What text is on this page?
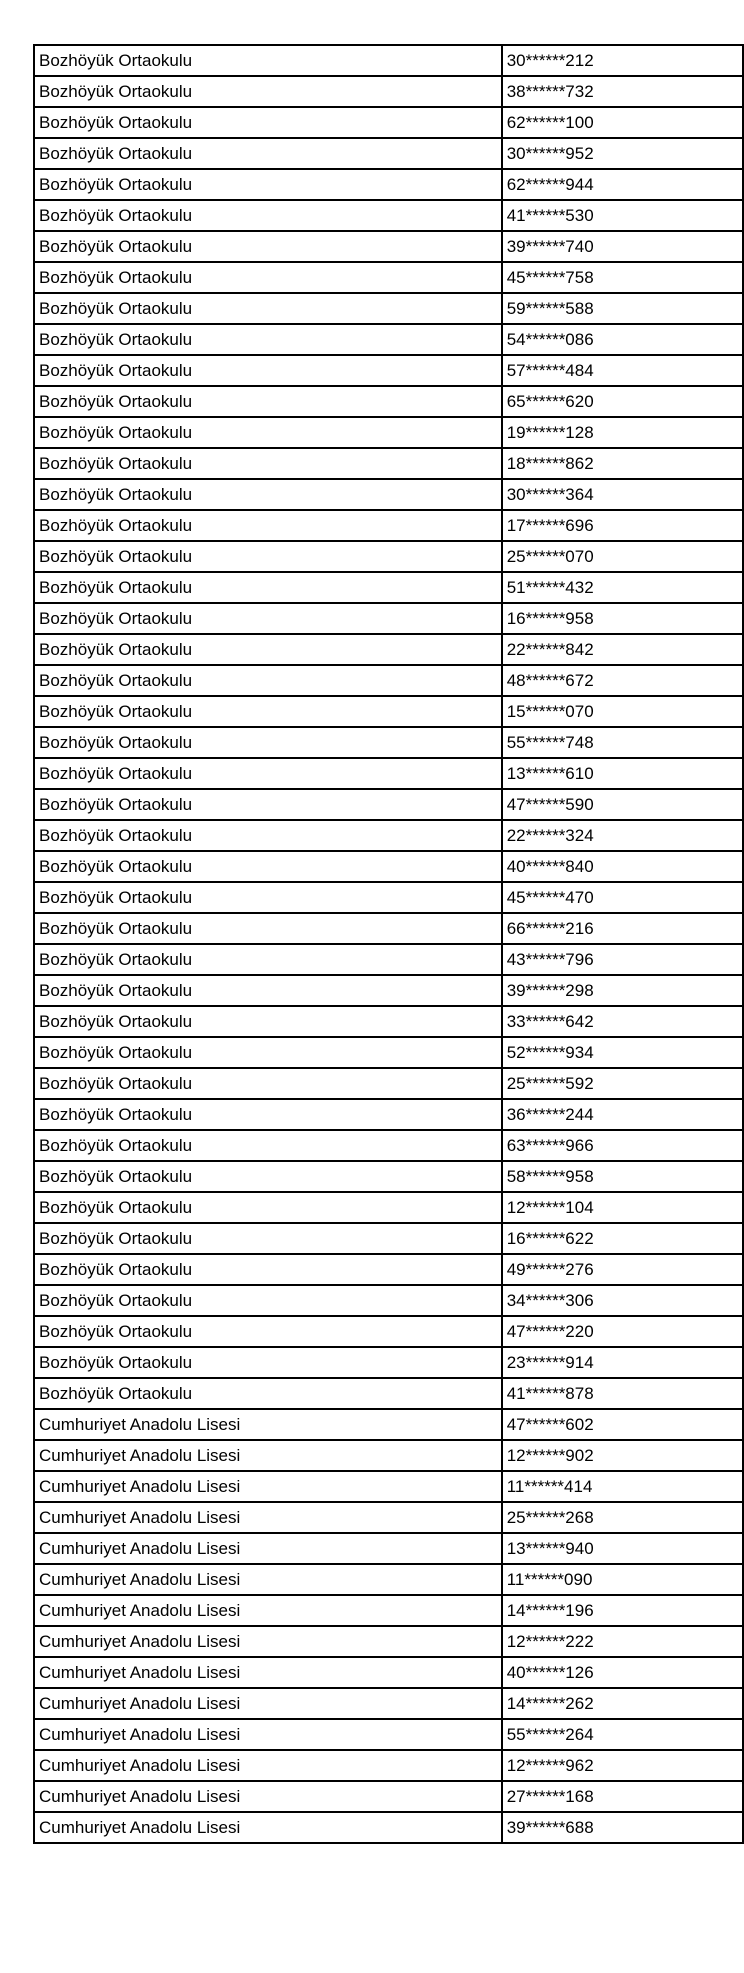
Bozhöyük Ortaokulu	30******212
Bozhöyük Ortaokulu	38******732
Bozhöyük Ortaokulu	62******100
Bozhöyük Ortaokulu	30******952
Bozhöyük Ortaokulu	62******944
Bozhöyük Ortaokulu	41******530
Bozhöyük Ortaokulu	39******740
Bozhöyük Ortaokulu	45******758
Bozhöyük Ortaokulu	59******588
Bozhöyük Ortaokulu	54******086
Bozhöyük Ortaokulu	57******484
Bozhöyük Ortaokulu	65******620
Bozhöyük Ortaokulu	19******128
Bozhöyük Ortaokulu	18******862
Bozhöyük Ortaokulu	30******364
Bozhöyük Ortaokulu	17******696
Bozhöyük Ortaokulu	25******070
Bozhöyük Ortaokulu	51******432
Bozhöyük Ortaokulu	16******958
Bozhöyük Ortaokulu	22******842
Bozhöyük Ortaokulu	48******672
Bozhöyük Ortaokulu	15******070
Bozhöyük Ortaokulu	55******748
Bozhöyük Ortaokulu	13******610
Bozhöyük Ortaokulu	47******590
Bozhöyük Ortaokulu	22******324
Bozhöyük Ortaokulu	40******840
Bozhöyük Ortaokulu	45******470
Bozhöyük Ortaokulu	66******216
Bozhöyük Ortaokulu	43******796
Bozhöyük Ortaokulu	39******298
Bozhöyük Ortaokulu	33******642
Bozhöyük Ortaokulu	52******934
Bozhöyük Ortaokulu	25******592
Bozhöyük Ortaokulu	36******244
Bozhöyük Ortaokulu	63******966
Bozhöyük Ortaokulu	58******958
Bozhöyük Ortaokulu	12******104
Bozhöyük Ortaokulu	16******622
Bozhöyük Ortaokulu	49******276
Bozhöyük Ortaokulu	34******306
Bozhöyük Ortaokulu	47******220
Bozhöyük Ortaokulu	23******914
Bozhöyük Ortaokulu	41******878
Cumhuriyet Anadolu Lisesi	47******602
Cumhuriyet Anadolu Lisesi	12******902
Cumhuriyet Anadolu Lisesi	11******414
Cumhuriyet Anadolu Lisesi	25******268
Cumhuriyet Anadolu Lisesi	13******940
Cumhuriyet Anadolu Lisesi	11******090
Cumhuriyet Anadolu Lisesi	14******196
Cumhuriyet Anadolu Lisesi	12******222
Cumhuriyet Anadolu Lisesi	40******126
Cumhuriyet Anadolu Lisesi	14******262
Cumhuriyet Anadolu Lisesi	55******264
Cumhuriyet Anadolu Lisesi	12******962
Cumhuriyet Anadolu Lisesi	27******168
Cumhuriyet Anadolu Lisesi	39******688
